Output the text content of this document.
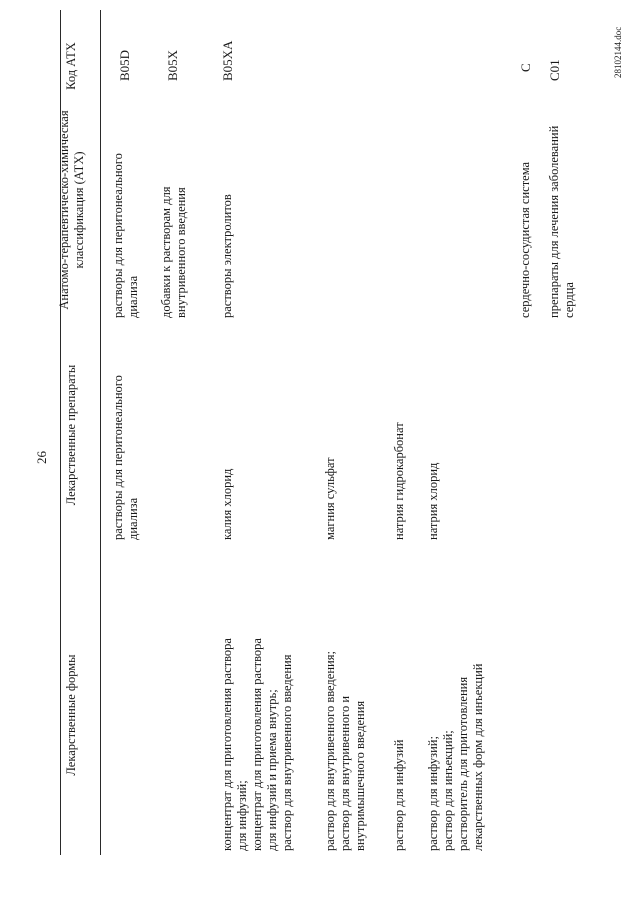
26
Код АТХ
Анатомо-терапевтическо-химическая классификация (АТХ)
Лекарственные препараты
Лекарственные формы
B05D
растворы для перитонеального диализа
растворы для перитонеального диализа
B05X
добавки к растворам для внутривенного введения
B05XA
растворы электролитов
калия хлорид
концентрат для приготовления раствора для инфузий; концентрат для приготовления раствора для инфузий и приема внутрь; раствор для внутривенного введения
магния сульфат
раствор для внутривенного введения; раствор для внутривенного и внутримышечного введения
натрия гидрокарбонат
раствор для инфузий
натрия хлорид
раствор для инфузий; раствор для инъекций; растворитель для приготовления лекарственных форм для инъекций
C
сердечно-сосудистая система
C01
препараты для лечения заболеваний сердца
28102144.doc
